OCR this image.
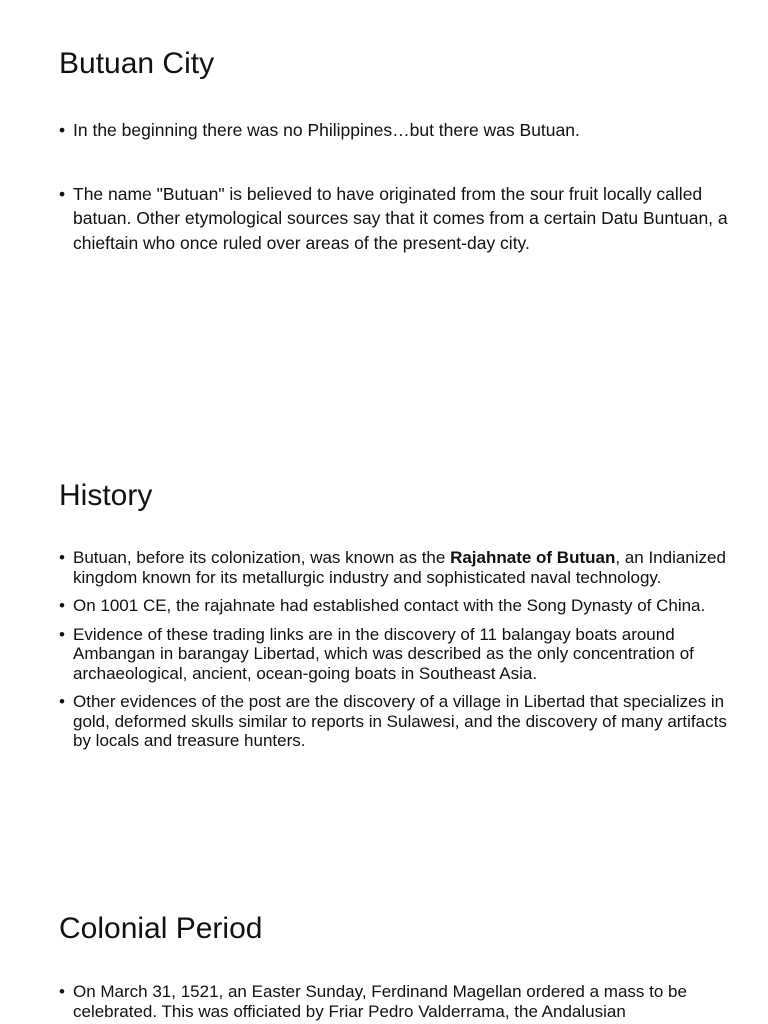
Butuan City
• In the beginning there was no Philippines…but there was Butuan.
• The name "Butuan" is believed to have originated from the sour fruit locally called batuan. Other etymological sources say that it comes from a certain Datu Buntuan, a chieftain who once ruled over areas of the present-day city.
History
• Butuan, before its colonization, was known as the Rajahnate of Butuan, an Indianized kingdom known for its metallurgic industry and sophisticated naval technology.
• On 1001 CE, the rajahnate had established contact with the Song Dynasty of China.
• Evidence of these trading links are in the discovery of 11 balangay boats around Ambangan in barangay Libertad, which was described as the only concentration of archaeological, ancient, ocean-going boats in Southeast Asia.
• Other evidences of the post are the discovery of a village in Libertad that specializes in gold, deformed skulls similar to reports in Sulawesi, and the discovery of many artifacts by locals and treasure hunters.
Colonial Period
• On March 31, 1521, an Easter Sunday, Ferdinand Magellan ordered a mass to be celebrated. This was officiated by Friar Pedro Valderrama, the Andalusian
